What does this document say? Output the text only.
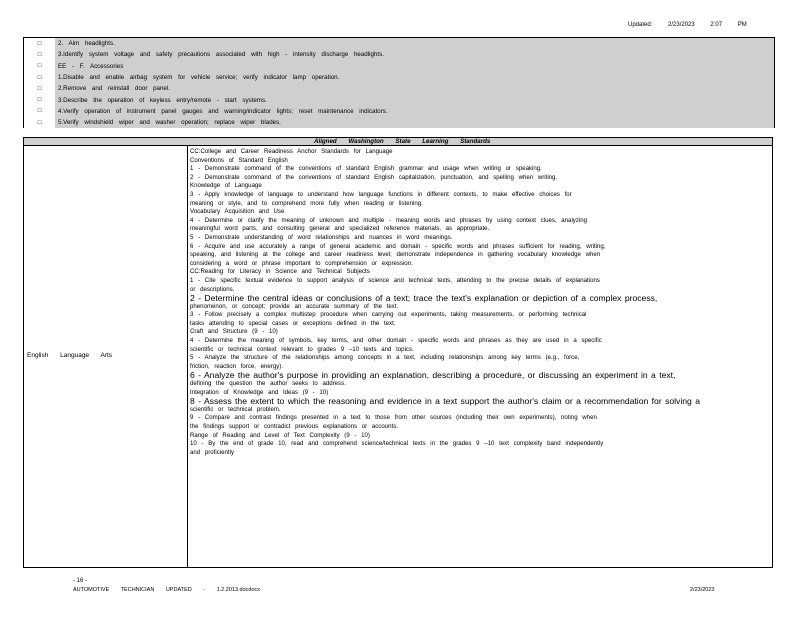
Updated:	2/23/2023	2:07	PM
□	2. Aim headlights.
□	3.Identify system voltage and safety precautions associated with high - intensity discharge headlights.
□	EE - F. Accessories
□	1.Disable and enable airbag system for vehicle service; verify indicator lamp operation.
□	2.Remove and reinstall door panel.
□	3.Describe the operation of keyless entry/remote - start systems.
□	4.Verify operation of instrument panel gauges and warning/indicator lights; reset maintenance indicators.
□	5.Verify windshield wiper and washer operation; replace wiper blades.
Aligned Washington State Learning Standards
English Language Arts
CC:College and Career Readiness Anchor Standards for Language
Conventions of Standard English
1 - Demonstrate command of the conventions of standard English grammar and usage when writing or speaking.
2 - Demonstrate command of the conventions of standard English capitalization, punctuation, and spelling when writing.
Knowledge of Language
3 - Apply knowledge of language to understand how language functions in different contexts, to make effective choices for
meaning or style, and to comprehend more fully when reading or listening.
Vocabulary Acquisition and Use
4 - Determine or clarify the meaning of unknown and multiple - meaning words and phrases by using context clues, analyzing
meaningful word parts, and consulting general and specialized reference materials, as appropriate.
5 - Demonstrate understanding of word relationships and nuances in word meanings.
6 - Acquire and use accurately a range of general academic and domain - specific words and phrases sufficient for reading, writing,
speaking, and listening at the college and career readiness level; demonstrate independence in gathering vocabulary knowledge when
considering a word or phrase important to comprehension or expression.
CC:Reading for Literacy in Science and Technical Subjects
1 - Cite specific textual evidence to support analysis of science and technical texts, attending to the precise details of explanations
or descriptions.
2 - Determine the central ideas or conclusions of a text; trace the text's explanation or depiction of a complex process,
phenomenon, or concept; provide an accurate summary of the text.
3 - Follow precisely a complex multistep procedure when carrying out experiments, taking measurements, or performing technical
tasks attending to special cases or exceptions defined in the text.
Craft and Structure (9 - 10)
4 - Determine the meaning of symbols, key terms, and other domain - specific words and phrases as they are used in a specific
scientific or technical context relevant to grades 9 –10 texts and topics.
5 - Analyze the structure of the relationships among concepts in a text, including relationships among key terms (e.g., force,
friction, reaction force, energy).
6 - Analyze the author's purpose in providing an explanation, describing a procedure, or discussing an experiment in a text,
defining the question the author seeks to address.
Integration of Knowledge and Ideas (9 - 10)
8 - Assess the extent to which the reasoning and evidence in a text support the author's claim or a recommendation for solving a
scientific or technical problem.
9 - Compare and contrast findings presented in a text to those from other sources (including their own experiments), noting when
the findings support or contradict previous explanations or accounts.
Range of Reading and Level of Text Complexity (9 - 10)
10 - By the end of grade 10, read and comprehend science/technical texts in the grades 9 –10 text complexity band independently
and proficiently
- 16 -
AUTOMOTIVE TECHNICIAN UPDATED - 1.2.2013.docdocx	2/23/2023
